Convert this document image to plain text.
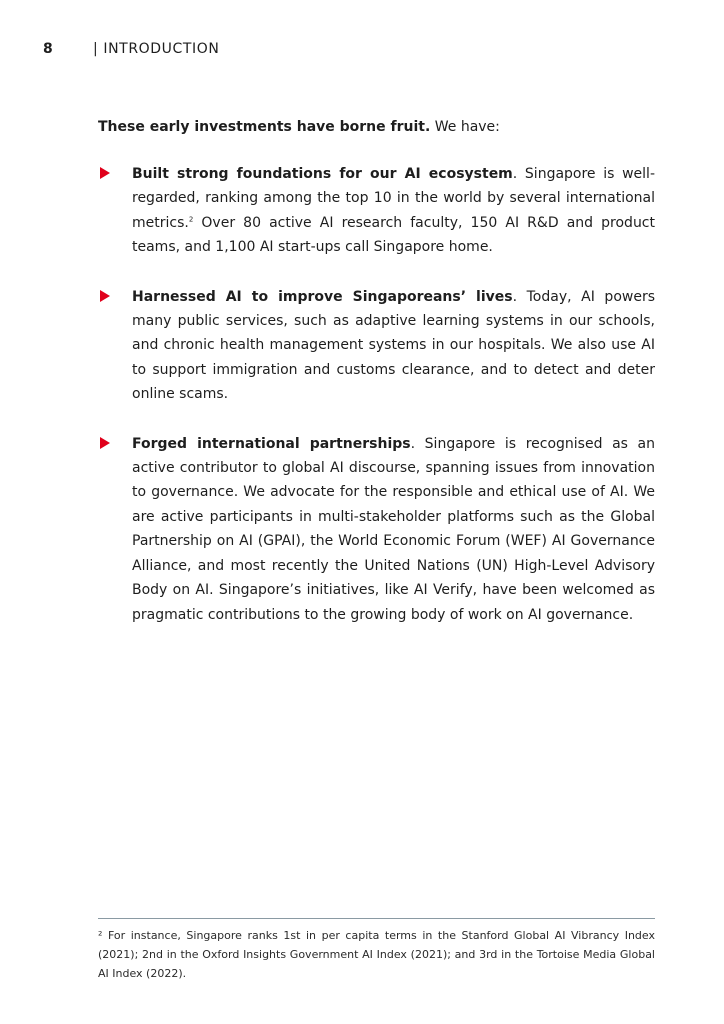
8	| INTRODUCTION

These early investments have borne fruit. We have:

Built strong foundations for our AI ecosystem. Singapore is well-regarded, ranking among the top 10 in the world by several international metrics.$^2$ Over 80 active AI research faculty, 150 AI R&D and product teams, and 1,100 AI start-ups call Singapore home.
Harnessed AI to improve Singaporeans’ lives. Today, AI powers many public services, such as adaptive learning systems in our schools, and chronic health management systems in our hospitals. We also use AI to support immigration and customs clearance, and to detect and deter online scams.
Forged international partnerships. Singapore is recognised as an active contributor to global AI discourse, spanning issues from innovation to governance. We advocate for the responsible and ethical use of AI. We are active participants in multi-stakeholder platforms such as the Global Partnership on AI (GPAI), the World Economic Forum (WEF) AI Governance Alliance, and most recently the United Nations (UN) High-Level Advisory Body on AI. Singapore’s initiatives, like AI Verify, have been welcomed as pragmatic contributions to the growing body of work on AI governance.
² For instance, Singapore ranks 1st in per capita terms in the Stanford Global AI Vibrancy Index (2021); 2nd in the Oxford Insights Government AI Index (2021); and 3rd in the Tortoise Media Global AI Index (2022).
